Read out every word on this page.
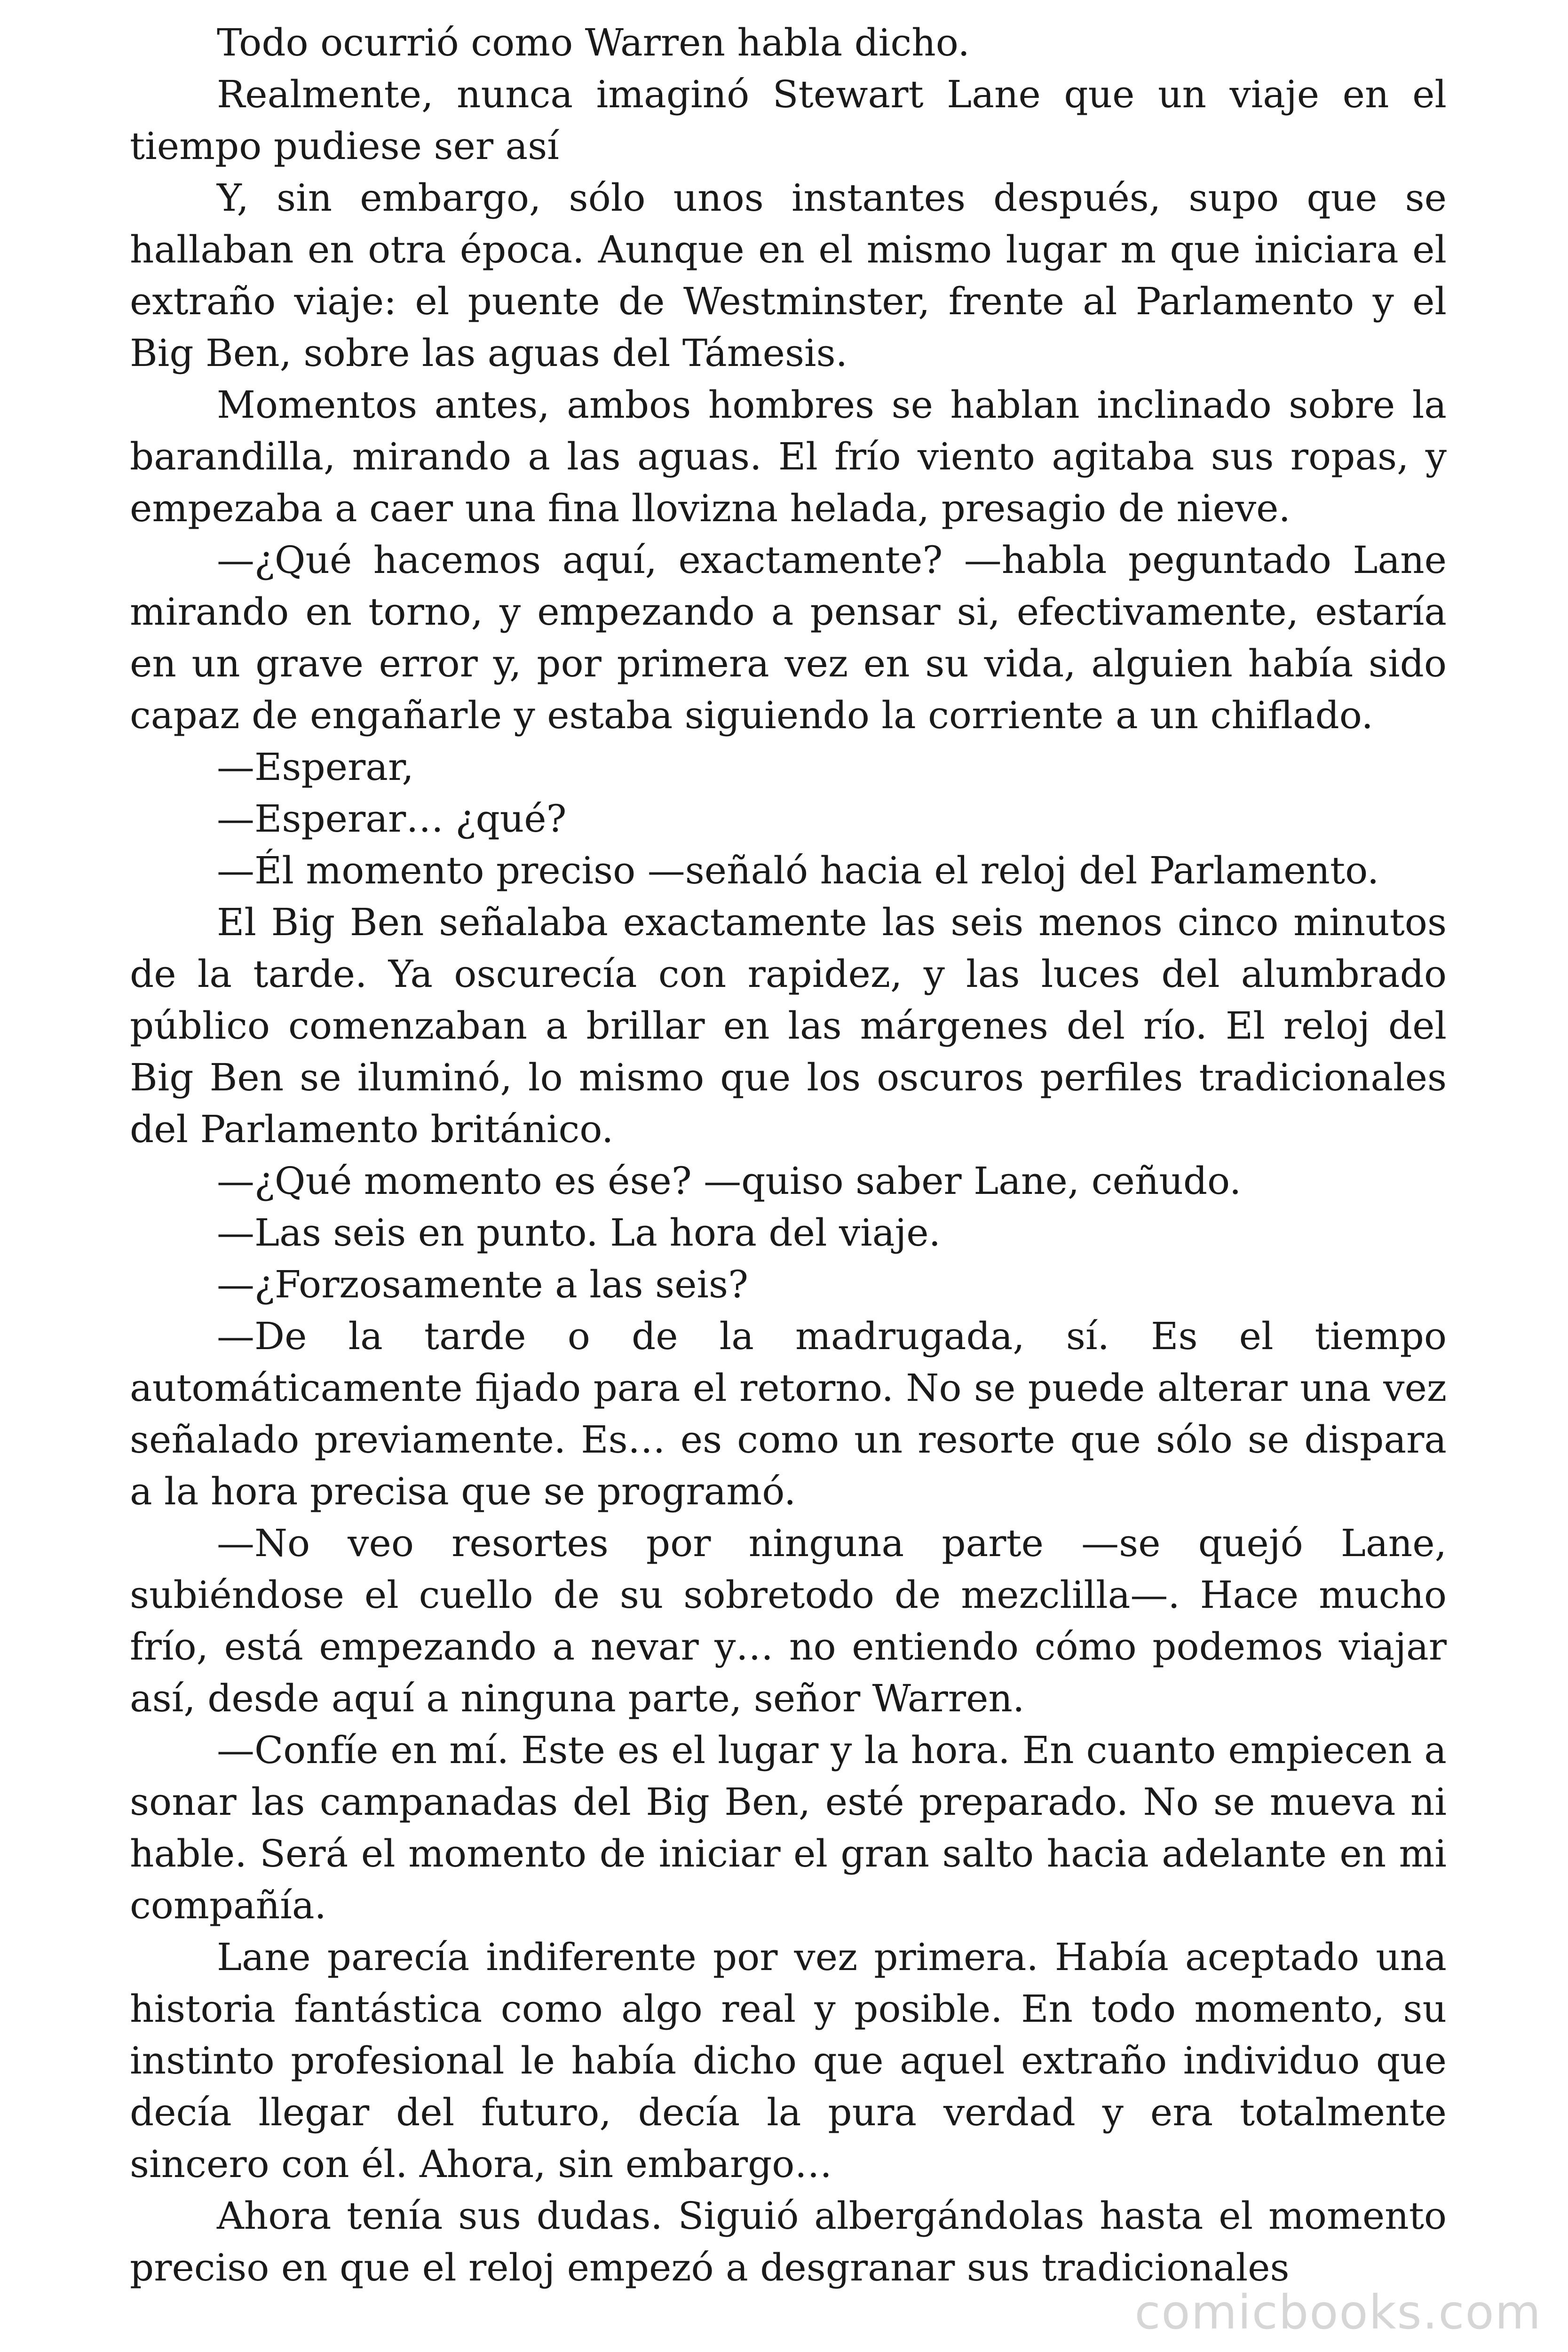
Todo ocurrió como Warren habla dicho.

Realmente, nunca imaginó Stewart Lane que un viaje en el tiempo pudiese ser así

Y, sin embargo, sólo unos instantes después, supo que se hallaban en otra época. Aunque en el mismo lugar m que iniciara el extraño viaje: el puente de Westminster, frente al Parlamento y el Big Ben, sobre las aguas del Támesis.

Momentos antes, ambos hombres se hablan inclinado sobre la barandilla, mirando a las aguas. El frío viento agitaba sus ropas, y empezaba a caer una fina llovizna helada, presagio de nieve.

—¿Qué hacemos aquí, exactamente? —habla peguntado Lane mirando en torno, y empezando a pensar si, efectivamente, estaría en un grave error y, por primera vez en su vida, alguien había sido capaz de engañarle y estaba siguiendo la corriente a un chiflado.

—Esperar,

—Esperar… ¿qué?

—Él momento preciso —señaló hacia el reloj del Parlamento.

El Big Ben señalaba exactamente las seis menos cinco minutos de la tarde. Ya oscurecía con rapidez, y las luces del alumbrado público comenzaban a brillar en las márgenes del río. El reloj del Big Ben se iluminó, lo mismo que los oscuros perfiles tradicionales del Parlamento británico.

—¿Qué momento es ése? —quiso saber Lane, ceñudo.

—Las seis en punto. La hora del viaje.

—¿Forzosamente a las seis?

—De la tarde o de la madrugada, sí. Es el tiempo automáticamente fijado para el retorno. No se puede alterar una vez señalado previamente. Es… es como un resorte que sólo se dispara a la hora precisa que se programó.

—No veo resortes por ninguna parte —se quejó Lane, subiéndose el cuello de su sobretodo de mezclilla—. Hace mucho frío, está empezando a nevar y… no entiendo cómo podemos viajar así, desde aquí a ninguna parte, señor Warren.

—Confíe en mí. Este es el lugar y la hora. En cuanto empiecen a sonar las campanadas del Big Ben, esté preparado. No se mueva ni hable. Será el momento de iniciar el gran salto hacia adelante en mi compañía.

Lane parecía indiferente por vez primera. Había aceptado una historia fantástica como algo real y posible. En todo momento, su instinto profesional le había dicho que aquel extraño individuo que decía llegar del futuro, decía la pura verdad y era totalmente sincero con él. Ahora, sin embargo…

Ahora tenía sus dudas. Siguió albergándolas hasta el momento preciso en que el reloj empezó a desgranar sus tradicionales

comicbooks.com
